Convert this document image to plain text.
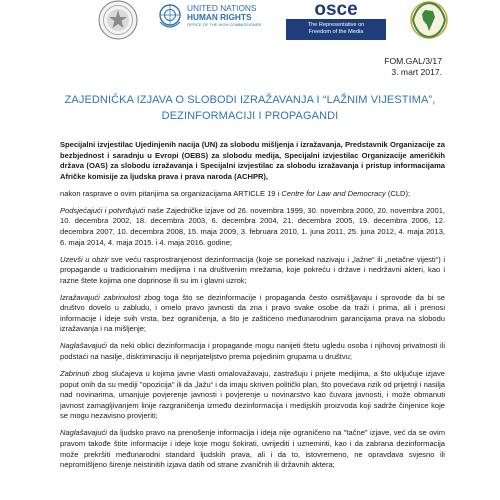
UNITED NATIONS
HUMAN RIGHTS
OFFICE OF THE HIGH COMMISSIONER
osce
The Representative on
Freedom of the Media
FOM.GAL/3/17
3. mart 2017.
ZAJEDNIČKA IZJAVA O SLOBODI IZRAŽAVANJA I “LAŽNIM VIJESTIMA”,
DEZINFORMACIJI I PROPAGANDI

Specijalni izvjestilac Ujedinjenih nacija (UN) za slobodu mišljenja i izražavanja, Predstavnik Organizacije za bezbjednost i saradnju u Evropi (OEBS) za slobodu medija, Specijalni izvjestilac Organizacije američkih država (OAS) za slobodu izražavanja i Specijalni izvjestilac za slobodu izražavanja i pristup informacijama Afričke komisije za ljudska prava i prava naroda (ACHPR),

nakon rasprave o ovim pitanjima sa organizacijama ARTICLE 19 i Centre for Law and Democracy (CLD);

Podsjećajući i potvrđujući naše Zajedničke izjave od 26. novembra 1999, 30. novembra 2000, 20. novembra 2001, 10. decembra 2002, 18. decembra 2003, 6. decembra 2004, 21. decembra 2005, 19. decembra 2006, 12. decembra 2007, 10. decembra 2008, 15. maja 2009, 3. februara 2010, 1. juna 2011, 25. juna 2012, 4. maja 2013, 6. maja 2014, 4. maja 2015. i 4. maja 2016. godine;

Uzevši u obzir sve veću rasprostranjenost dezinformacija (koje se ponekad nazivaju i „lažne“ ili „netačne vijesti“) i propagande u tradicionalnim medijima i na društvenim mrežama, koje pokreću i države i nedržavni akteri, kao i razne štete kojima one doprinose ili su im i glavni uzrok;

Izražavajući zabrinutost zbog toga što se dezinformacije i propaganda često osmišljavaju i sprovode da bi se društvo dovelo u zabludu, i omelo pravo javnosti da zna i pravo svake osobe da traži i prima, ali i prenosi informacije i ideje svih vrsta, bez ograničenja, a što je zaštićeno međunarodnim garancijama prava na slobodu izražavanja i na mišljenje;

Naglašavajući da neki oblici dezinformacija i propagande mogu nanijeti štetu ugledu osoba i njihovoj privatnosti ili podstaći na nasilje, diskriminaciju ili neprijateljstvo prema pojedinim grupama u društvu;

Zabrinuti zbog slučajeva u kojima javne vlasti omalovažavaju, zastrašuju i prijete medijima, a što uključuje izjave poput onih da su mediji "opozicija" ili da „lažu“ i da imaju skriven politički plan, što povećava rizik od prijetnji i nasilja nad novinarima, umanjuje povjerenje javnosti i povjerenje u novinarstvo kao čuvara javnosti, i može obmanuti javnost zamagljivanjem linije razgraničenja između dezinformacija i medijskih proizvoda koji sadrže činjenice koje se mogu nezavisno provjeriti;

Naglašavajući da ljudsko pravo na prenošenje informacija i ideja nije ograničeno na "tačne" izjave, već da se ovim pravom takođe štite informacije i ideje koje mogu šokirati, uvrijediti i uznemiriti, kao i da zabrana dezinformacija može prekršiti međunarodni standard ljudskih prava, ali i da to, istovremeno, ne opravdava svjesno ili nepromišljeno širenje neistinitih izjava datih od strane zvaničnih ili državnih aktera;
